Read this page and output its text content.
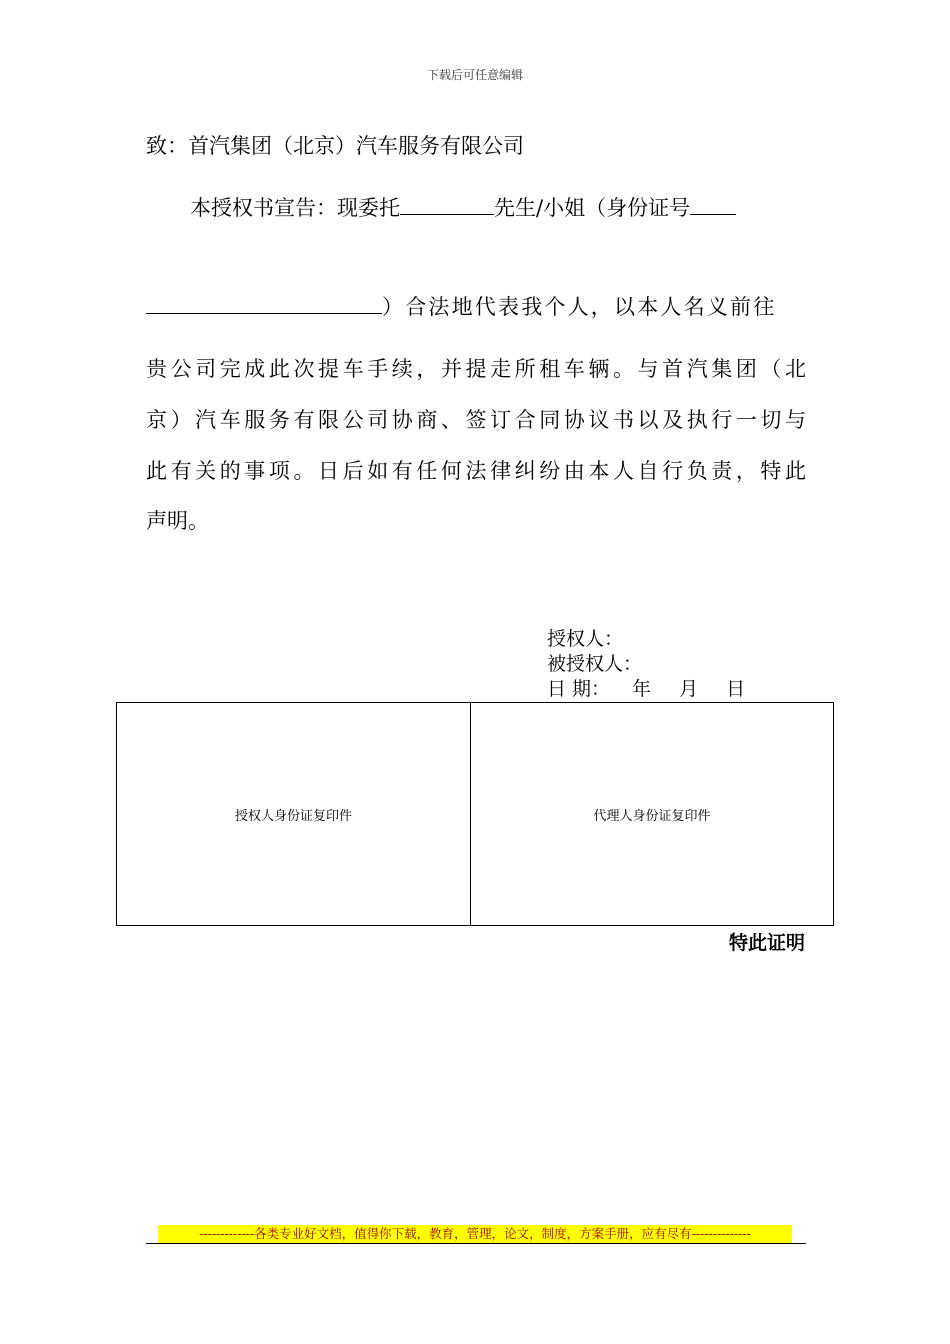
下载后可任意编辑
致：首汽集团（北京）汽车服务有限公司
本授权书宣告：现委托	先生/小姐（身份证号
）合法地代表我个人，以本人名义前往
贵公司完成此次提车手续，并提走所租车辆。与首汽集团（北
京）汽车服务有限公司协商、签订合同协议书以及执行一切与
此有关的事项。日后如有任何法律纠纷由本人自行负责，特此
声明。
授权人：
被授权人：
日 期： 年 月 日
授权人身份证复印件	代理人身份证复印件
特此证明
-------------各类专业好文档，值得你下载，教育，管理，论文，制度，方案手册，应有尽有--------------
